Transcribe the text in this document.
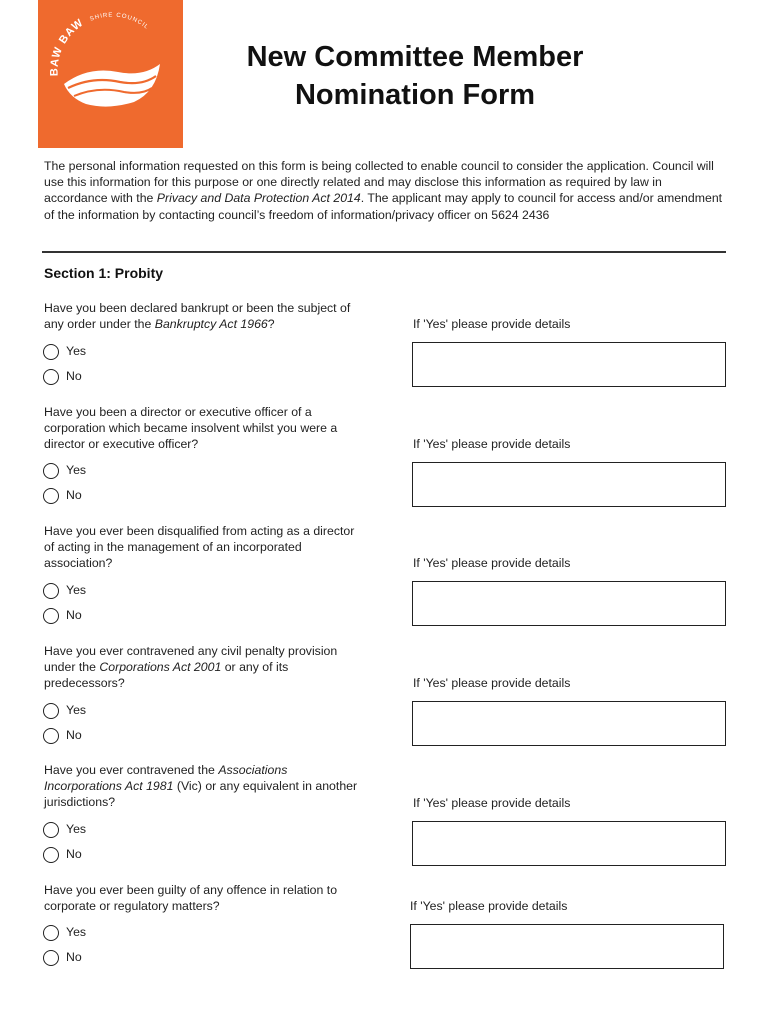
BAW BAW SHIRE COUNCIL
New Committee Member
Nomination Form

The personal information requested on this form is being collected to enable council to consider the application. Council will use this information for this purpose or one directly related and may disclose this information as required by law in accordance with the Privacy and Data Protection Act 2014. The applicant may apply to council for access and/or amendment of the information by contacting council’s freedom of information/privacy officer on 5624 2436

Section 1: Probity

Have you been declared bankrupt or been the subject of any order under the Bankruptcy Act 1966?

Yes
No
If 'Yes' please provide details

Have you been a director or executive officer of a corporation which became insolvent whilst you were a director or executive officer?

Yes
No
If 'Yes' please provide details

Have you ever been disqualified from acting as a director of acting in the management of an incorporated association?

Yes
No
If 'Yes' please provide details

Have you ever contravened any civil penalty provision under the Corporations Act 2001 or any of its predecessors?

Yes
No
If 'Yes' please provide details

Have you ever contravened the Associations Incorporations Act 1981 (Vic) or any equivalent in another jurisdictions?

Yes
No
If 'Yes' please provide details

Have you ever been guilty of any offence in relation to corporate or regulatory matters?

Yes
No
If 'Yes' please provide details
